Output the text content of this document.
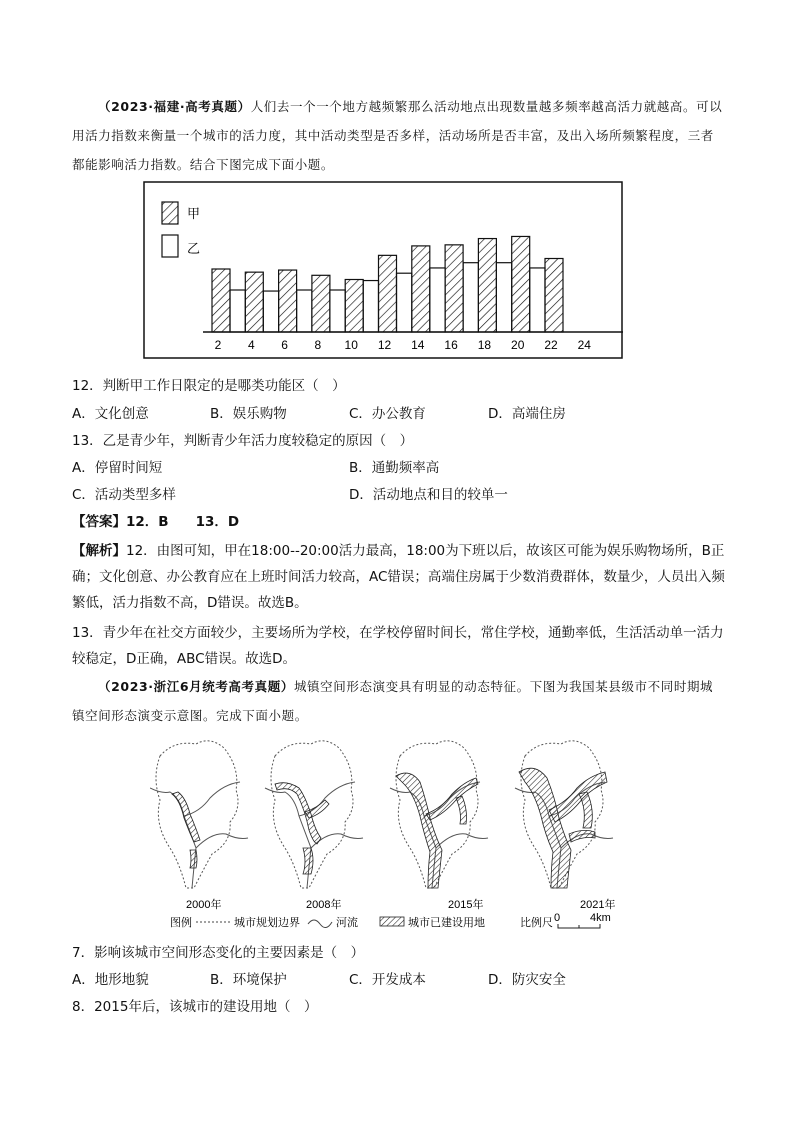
（2023·福建·高考真题）人们去一个一个地方越频繁那么活动地点出现数量越多频率越高活力就越高。可以用活力指数来衡量一个城市的活力度，其中活动类型是否多样，活动场所是否丰富，及出入场所频繁程度，三者都能影响活力指数。结合下图完成下面小题。

甲
乙
2 4 6 8 10 12 14 16 18 20 22 24

12．判断甲工作日限定的是哪类功能区（　）

A．文化创意	B．娱乐购物	C．办公教育	D．高端住房

13．乙是青少年，判断青少年活力度较稳定的原因（　）

A．停留时间短	B．通勤频率高
C．活动类型多样	D．活动地点和目的较单一

【答案】12．B　　13．D

【解析】12．由图可知，甲在18:00--20:00活力最高，18:00为下班以后，故该区可能为娱乐购物场所，B正确；文化创意、办公教育应在上班时间活力较高，AC错误；高端住房属于少数消费群体，数量少，人员出入频繁低，活力指数不高，D错误。故选B。

13．青少年在社交方面较少，主要场所为学校，在学校停留时间长，常住学校，通勤率低，生活活动单一活力较稳定，D正确，ABC错误。故选D。

（2023·浙江6月统考高考真题）城镇空间形态演变具有明显的动态特征。下图为我国某县级市不同时期城镇空间形态演变示意图。完成下面小题。

2000年	2008年	2015年	2021年
图例	城市规划边界	河流	城市已建设用地	比例尺 0	4km

7．影响该城市空间形态变化的主要因素是（　）

A．地形地貌	B．环境保护	C．开发成本	D．防灾安全

8．2015年后，该城市的建设用地（　）
